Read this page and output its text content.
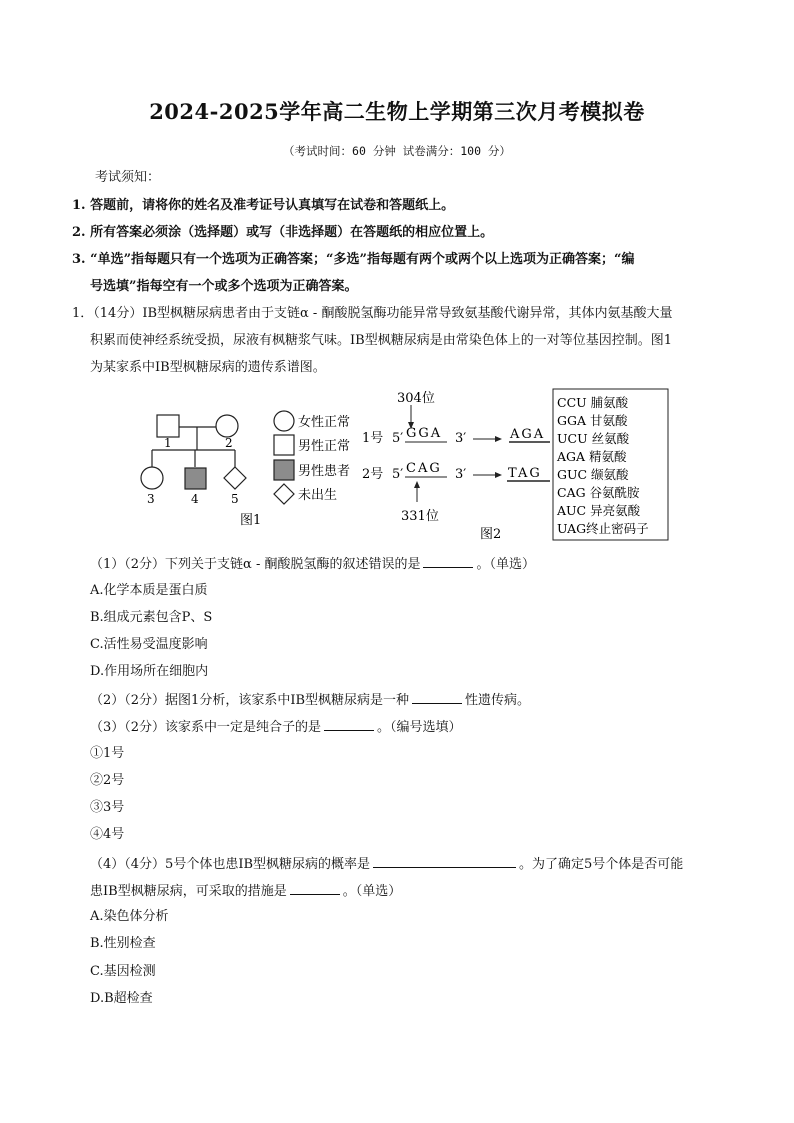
2024-2025学年高二生物上学期第三次月考模拟卷
（考试时间：60 分钟 试卷满分：100 分）
考试须知：
1. 答题前，请将你的姓名及准考证号认真填写在试卷和答题纸上。
2. 所有答案必须涂（选择题）或写（非选择题）在答题纸的相应位置上。
3. “单选”指每题只有一个选项为正确答案；“多选”指每题有两个或两个以上选项为正确答案；“编
号选填”指每空有一个或多个选项为正确答案。
1．（14分）IB型枫糖尿病患者由于支链α - 酮酸脱氢酶功能异常导致氨基酸代谢异常，其体内氨基酸大量
积累而使神经系统受损，尿液有枫糖浆气味。IB型枫糖尿病是由常染色体上的一对等位基因控制。图1
为某家系中IB型枫糖尿病的遗传系谱图。
1	2
3	4	5
图1
女性正常
男性正常
男性患者
未出生
304位
1号 5′ GGA 3′	AGA
2号 5′ CAG 3′	TAG
331位
图2
CCU 脯氨酸
GGA 甘氨酸
UCU 丝氨酸
AGA 精氨酸
GUC 缬氨酸
CAG 谷氨酰胺
AUC 异亮氨酸
UAG终止密码子
（1）（2分）下列关于支链α - 酮酸脱氢酶的叙述错误的是	。（单选）
A.化学本质是蛋白质
B.组成元素包含P、S
C.活性易受温度影响
D.作用场所在细胞内
（2）（2分）据图1分析，该家系中IB型枫糖尿病是一种	性遗传病。
（3）（2分）该家系中一定是纯合子的是	。（编号选填）
①1号
②2号
③3号
④4号
（4）（4分）5号个体也患IB型枫糖尿病的概率是	。为了确定5号个体是否可能
患IB型枫糖尿病，可采取的措施是	。（单选）
A.染色体分析
B.性别检查
C.基因检测
D.B超检查
